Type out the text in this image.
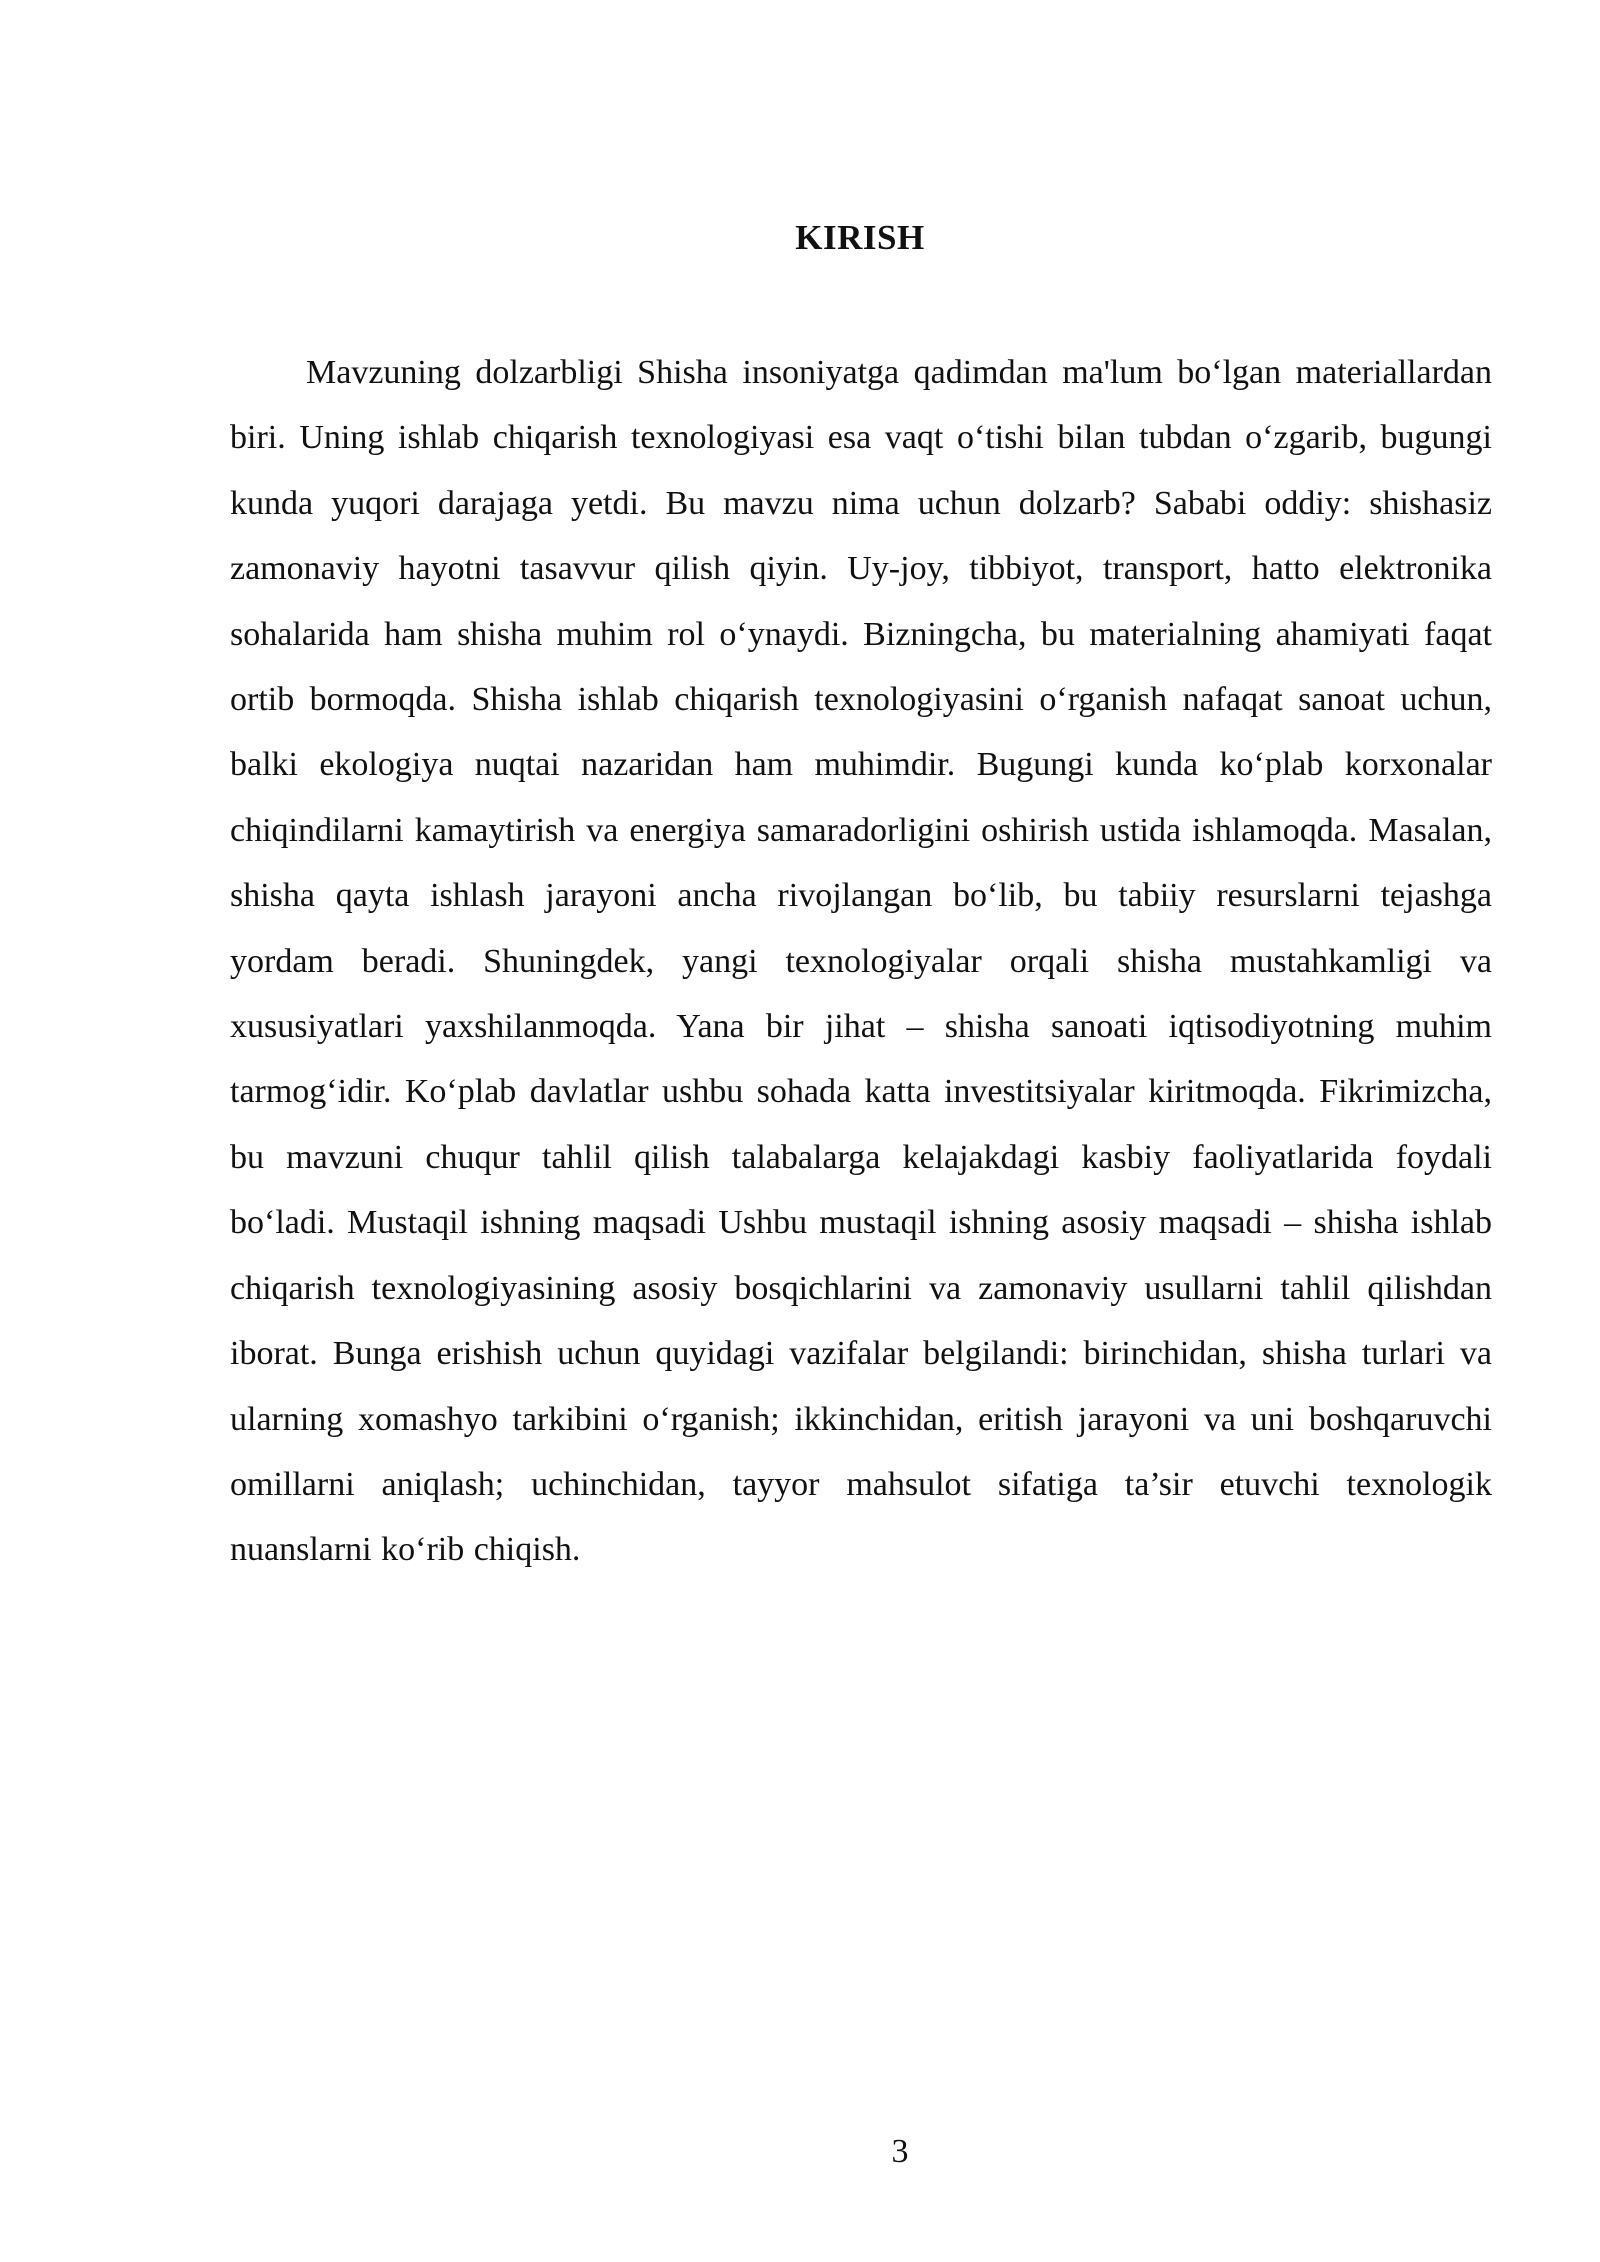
KIRISH

Mavzuning dolzarbligi Shisha insoniyatga qadimdan ma'lum bo‘lgan materiallardan biri. Uning ishlab chiqarish texnologiyasi esa vaqt o‘tishi bilan tubdan o‘zgarib, bugungi kunda yuqori darajaga yetdi. Bu mavzu nima uchun dolzarb? Sababi oddiy: shishasiz zamonaviy hayotni tasavvur qilish qiyin. Uy-joy, tibbiyot, transport, hatto elektronika sohalarida ham shisha muhim rol o‘ynaydi. Bizningcha, bu materialning ahamiyati faqat ortib bormoqda. Shisha ishlab chiqarish texnologiyasini o‘rganish nafaqat sanoat uchun, balki ekologiya nuqtai nazaridan ham muhimdir. Bugungi kunda ko‘plab korxonalar chiqindilarni kamaytirish va energiya samaradorligini oshirish ustida ishlamoqda. Masalan, shisha qayta ishlash jarayoni ancha rivojlangan bo‘lib, bu tabiiy resurslarni tejashga yordam beradi. Shuningdek, yangi texnologiyalar orqali shisha mustahkamligi va xususiyatlari yaxshilanmoqda. Yana bir jihat – shisha sanoati iqtisodiyotning muhim tarmog‘idir. Ko‘plab davlatlar ushbu sohada katta investitsiyalar kiritmoqda. Fikrimizcha, bu mavzuni chuqur tahlil qilish talabalarga kelajakdagi kasbiy faoliyatlarida foydali bo‘ladi. Mustaqil ishning maqsadi Ushbu mustaqil ishning asosiy maqsadi – shisha ishlab chiqarish texnologiyasining asosiy bosqichlarini va zamonaviy usullarni tahlil qilishdan iborat. Bunga erishish uchun quyidagi vazifalar belgilandi: birinchidan, shisha turlari va ularning xomashyo tarkibini o‘rganish; ikkinchidan, eritish jarayoni va uni boshqaruvchi omillarni aniqlash; uchinchidan, tayyor mahsulot sifatiga ta’sir etuvchi texnologik nuanslarni ko‘rib chiqish.

3
